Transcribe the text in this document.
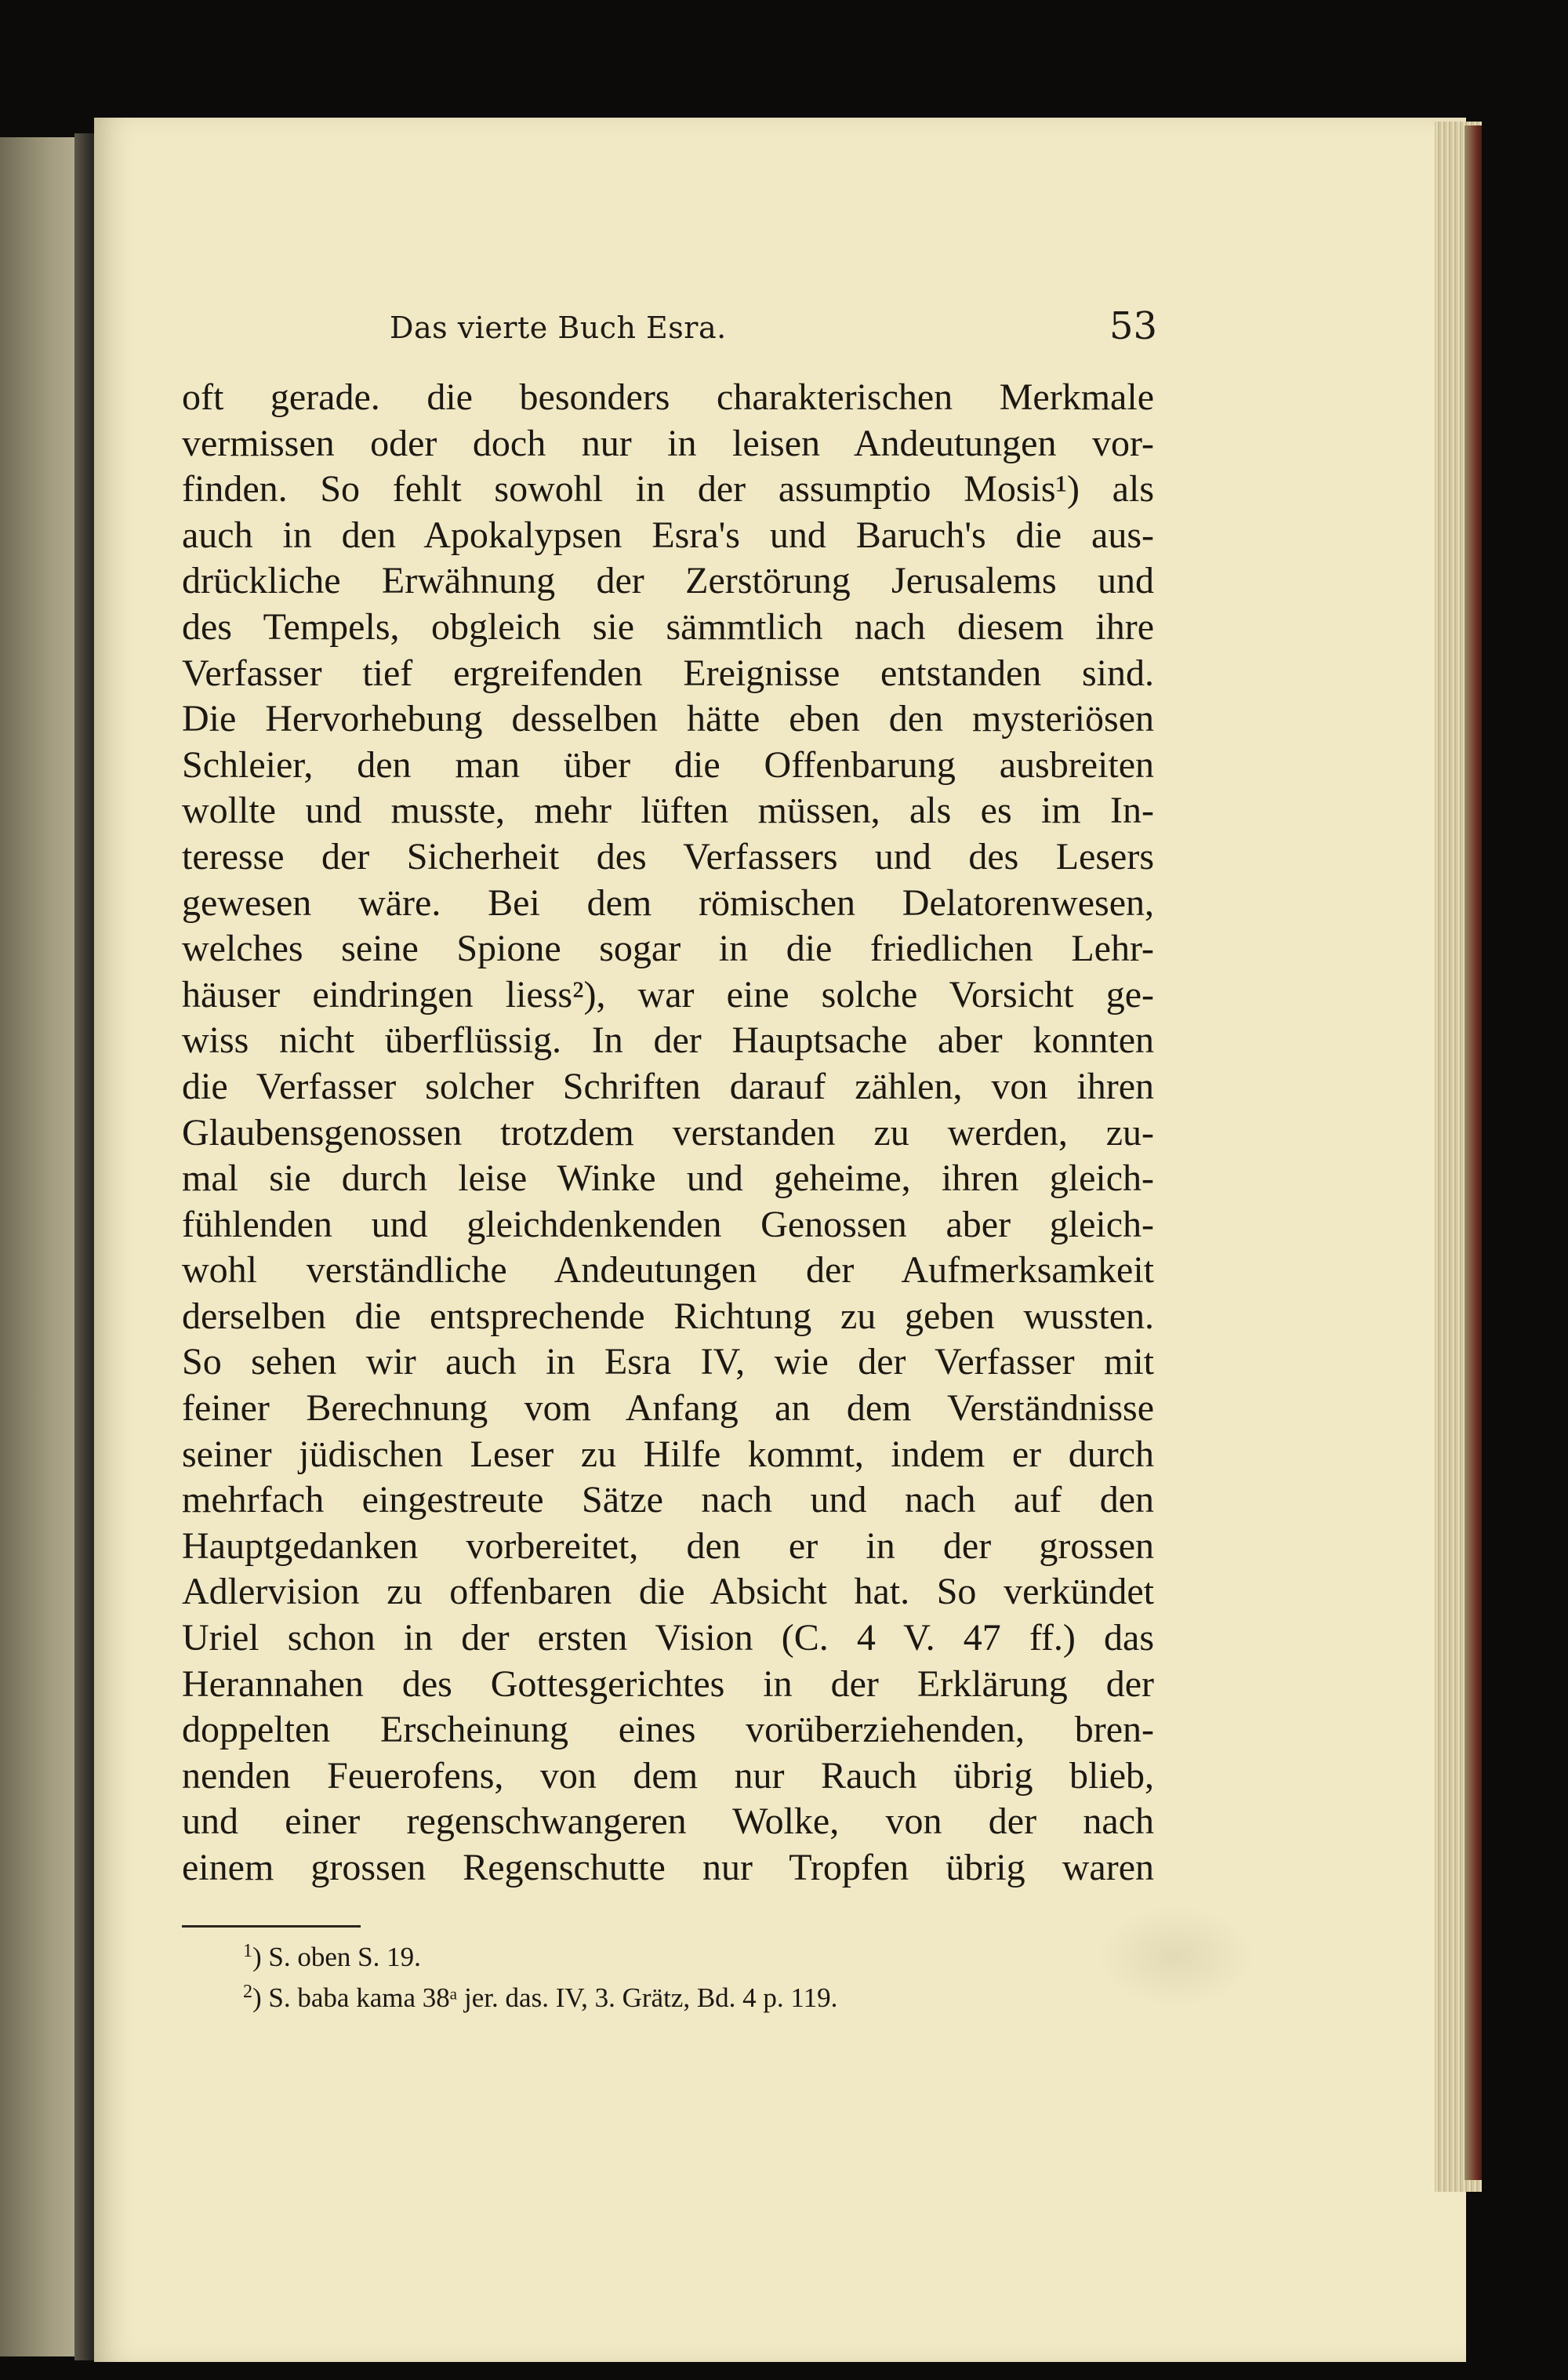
Das vierte Buch Esra.	53
oft gerade. die besonders charakterischen Merkmale
vermissen oder doch nur in leisen Andeutungen vor-
finden. So fehlt sowohl in der assumptio Mosis¹) als
auch in den Apokalypsen Esra's und Baruch's die aus-
drückliche Erwähnung der Zerstörung Jerusalems und
des Tempels, obgleich sie sämmtlich nach diesem ihre
Verfasser tief ergreifenden Ereignisse entstanden sind.
Die Hervorhebung desselben hätte eben den mysteriösen
Schleier, den man über die Offenbarung ausbreiten
wollte und musste, mehr lüften müssen, als es im In-
teresse der Sicherheit des Verfassers und des Lesers
gewesen wäre. Bei dem römischen Delatorenwesen,
welches seine Spione sogar in die friedlichen Lehr-
häuser eindringen liess²), war eine solche Vorsicht ge-
wiss nicht überflüssig. In der Hauptsache aber konnten
die Verfasser solcher Schriften darauf zählen, von ihren
Glaubensgenossen trotzdem verstanden zu werden, zu-
mal sie durch leise Winke und geheime, ihren gleich-
fühlenden und gleichdenkenden Genossen aber gleich-
wohl verständliche Andeutungen der Aufmerksamkeit
derselben die entsprechende Richtung zu geben wussten.
So sehen wir auch in Esra IV, wie der Verfasser mit
feiner Berechnung vom Anfang an dem Verständnisse
seiner jüdischen Leser zu Hilfe kommt, indem er durch
mehrfach eingestreute Sätze nach und nach auf den
Hauptgedanken vorbereitet, den er in der grossen
Adlervision zu offenbaren die Absicht hat. So verkündet
Uriel schon in der ersten Vision (C. 4 V. 47 ff.) das
Herannahen des Gottesgerichtes in der Erklärung der
doppelten Erscheinung eines vorüberziehenden, bren-
nenden Feuerofens, von dem nur Rauch übrig blieb,
und einer regenschwangeren Wolke, von der nach
einem grossen Regenschutte nur Tropfen übrig waren
$^1$) S. oben S. 19.
$^2$) S. baba kama 38ᵃ jer. das. IV, 3. Grätz, Bd. 4 p. 119.
